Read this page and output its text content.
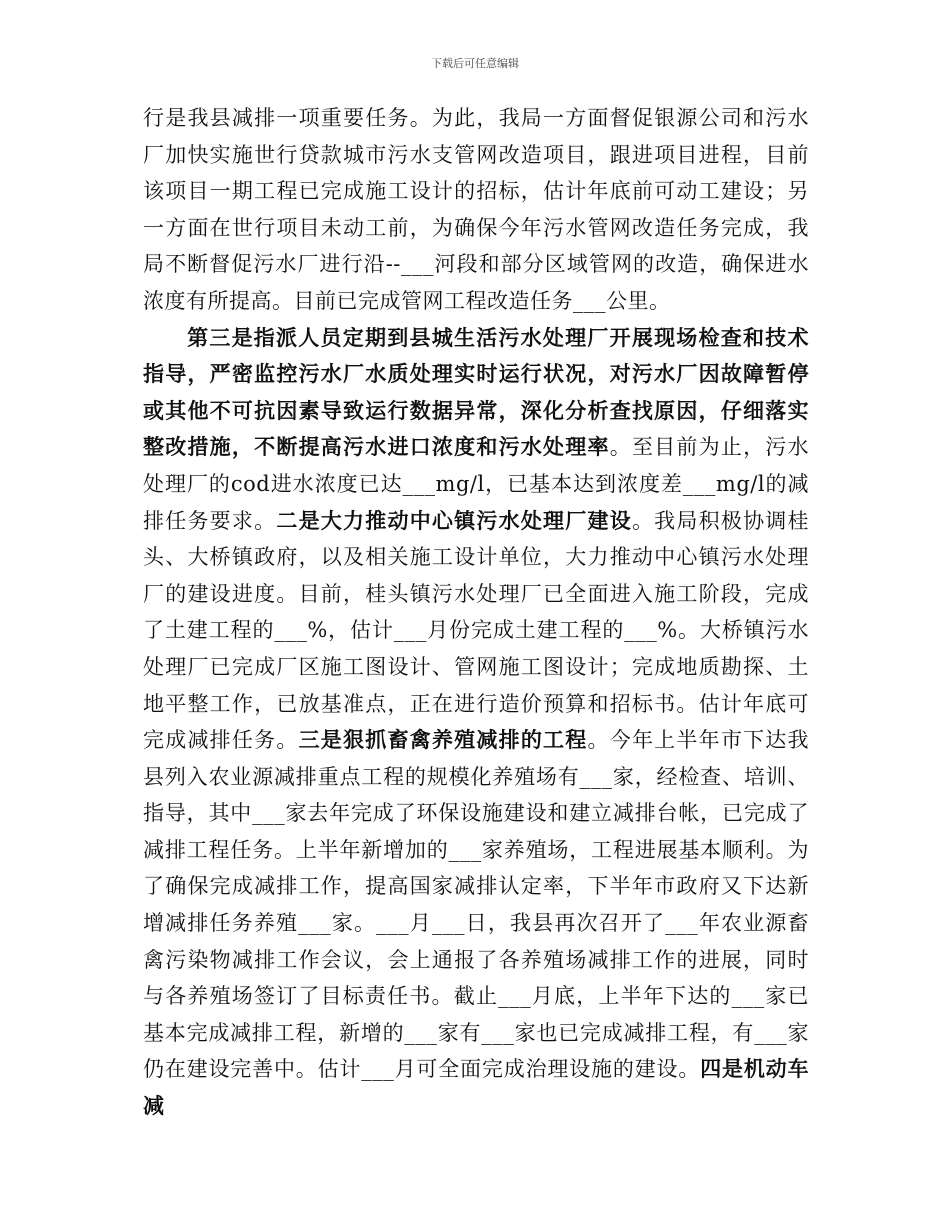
下载后可任意编辑

行是我县减排一项重要任务。为此，我局一方面督促银源公司和污水厂加快实施世行贷款城市污水支管网改造项目，跟进项目进程，目前该项目一期工程已完成施工设计的招标，估计年底前可动工建设；另一方面在世行项目未动工前，为确保今年污水管网改造任务完成，我局不断督促污水厂进行沿--___河段和部分区域管网的改造，确保进水浓度有所提高。目前已完成管网工程改造任务___公里。

第三是指派人员定期到县城生活污水处理厂开展现场检查和技术指导，严密监控污水厂水质处理实时运行状况，对污水厂因故障暂停或其他不可抗因素导致运行数据异常，深化分析查找原因，仔细落实整改措施，不断提高污水进口浓度和污水处理率。至目前为止，污水处理厂的cod进水浓度已达___mg/l，已基本达到浓度差___mg/l的减排任务要求。二是大力推动中心镇污水处理厂建设。我局积极协调桂头、大桥镇政府，以及相关施工设计单位，大力推动中心镇污水处理厂的建设进度。目前，桂头镇污水处理厂已全面进入施工阶段，完成了土建工程的___%，估计___月份完成土建工程的___%。大桥镇污水处理厂已完成厂区施工图设计、管网施工图设计；完成地质勘探、土地平整工作，已放基准点，正在进行造价预算和招标书。估计年底可完成减排任务。三是狠抓畜禽养殖减排的工程。今年上半年市下达我县列入农业源减排重点工程的规模化养殖场有___家，经检查、培训、指导，其中___家去年完成了环保设施建设和建立减排台帐，已完成了减排工程任务。上半年新增加的___家养殖场，工程进展基本顺利。为了确保完成减排工作，提高国家减排认定率，下半年市政府又下达新增减排任务养殖___家。___月___日，我县再次召开了___年农业源畜禽污染物减排工作会议，会上通报了各养殖场减排工作的进展，同时与各养殖场签订了目标责任书。截止___月底，上半年下达的___家已基本完成减排工程，新增的___家有___家也已完成减排工程，有___家仍在建设完善中。估计___月可全面完成治理设施的建设。四是机动车减
